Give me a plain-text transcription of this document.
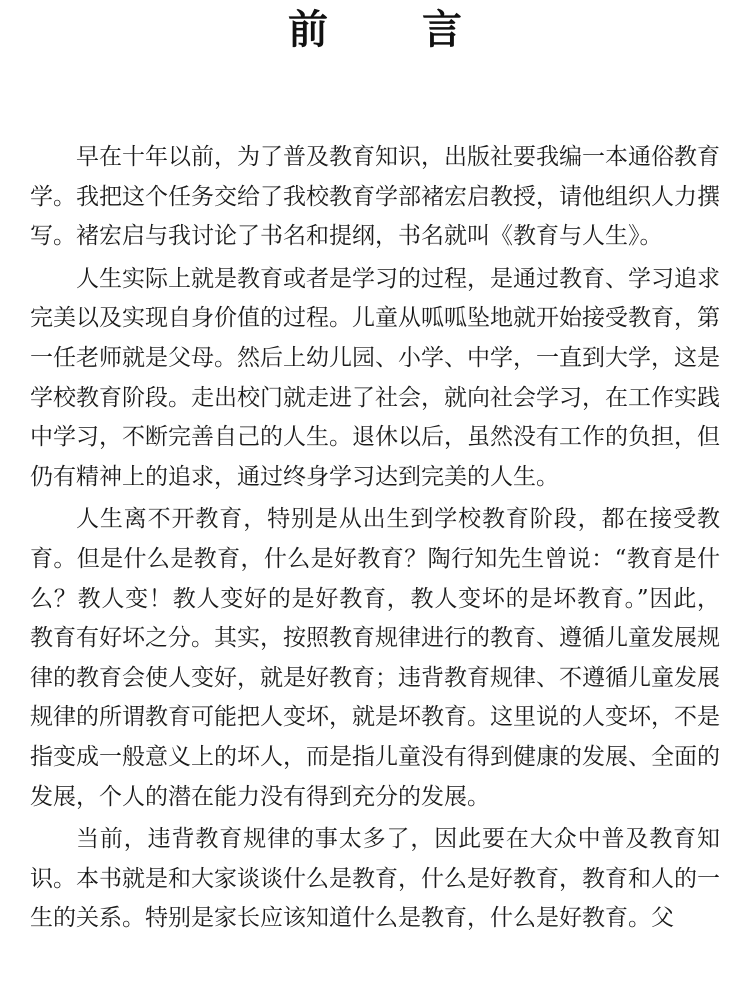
前 言

早在十年以前，为了普及教育知识，出版社要我编一本通俗教育学。我把这个任务交给了我校教育学部褚宏启教授，请他组织人力撰写。褚宏启与我讨论了书名和提纲，书名就叫《教育与人生》。

人生实际上就是教育或者是学习的过程，是通过教育、学习追求完美以及实现自身价值的过程。儿童从呱呱坠地就开始接受教育，第一任老师就是父母。然后上幼儿园、小学、中学，一直到大学，这是学校教育阶段。走出校门就走进了社会，就向社会学习，在工作实践中学习，不断完善自己的人生。退休以后，虽然没有工作的负担，但仍有精神上的追求，通过终身学习达到完美的人生。

人生离不开教育，特别是从出生到学校教育阶段，都在接受教育。但是什么是教育，什么是好教育？陶行知先生曾说：“教育是什么？教人变！教人变好的是好教育，教人变坏的是坏教育。”因此，教育有好坏之分。其实，按照教育规律进行的教育、遵循儿童发展规律的教育会使人变好，就是好教育；违背教育规律、不遵循儿童发展规律的所谓教育可能把人变坏，就是坏教育。这里说的人变坏，不是指变成一般意义上的坏人，而是指儿童没有得到健康的发展、全面的发展，个人的潜在能力没有得到充分的发展。

当前，违背教育规律的事太多了，因此要在大众中普及教育知识。本书就是和大家谈谈什么是教育，什么是好教育，教育和人的一生的关系。特别是家长应该知道什么是教育，什么是好教育。父
